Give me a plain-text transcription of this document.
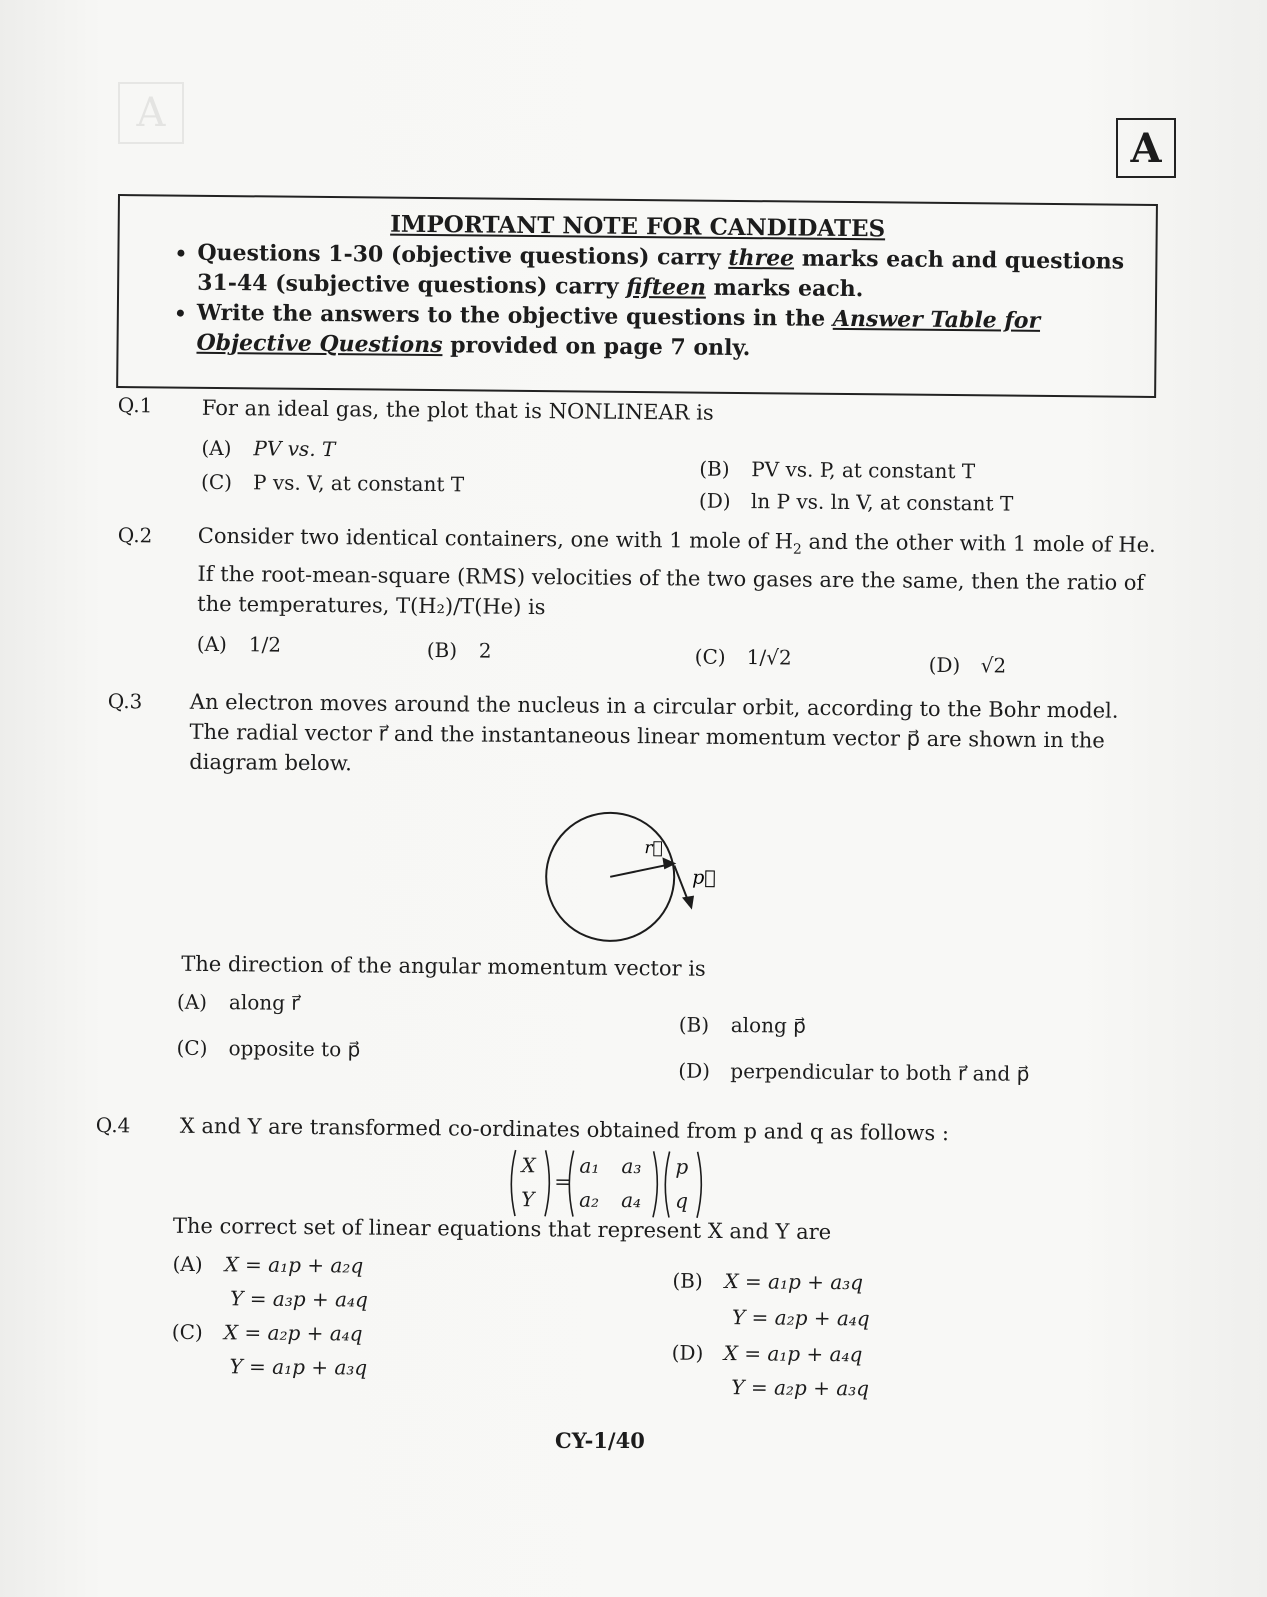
A
A
IMPORTANT NOTE FOR CANDIDATES
• Questions 1-30 (objective questions) carry three marks each and questions 31-44 (subjective questions) carry fifteen marks each.
• Write the answers to the objective questions in the Answer Table for Objective Questions provided on page 7 only.
Q.1 For an ideal gas, the plot that is NONLINEAR is
(A) PV vs. T
(C) P vs. V, at constant T
(B) PV vs. P, at constant T
(D) ln P vs. ln V, at constant T
Q.2 Consider two identical containers, one with 1 mole of $H_2$ and the other with 1 mole of He. If the root-mean-square (RMS) velocities of the two gases are the same, then the ratio of the temperatures, T(H₂)/T(He) is
(A) 1/2	(B) 2	(C) 1/√2	(D) √2
Q.3 An electron moves around the nucleus in a circular orbit, according to the Bohr model. The radial vector r⃗ and the instantaneous linear momentum vector p⃗ are shown in the diagram below.
r⃗
p⃗
The direction of the angular momentum vector is
(A) along r⃗
(C) opposite to p⃗
(B) along p⃗
(D) perpendicular to both r⃗ and p⃗
Q.4 X and Y are transformed co-ordinates obtained from p and q as follows :
X
Y
=
a₁ a₃
a₂ a₄
p
q
The correct set of linear equations that represent X and Y are
(A) X = a₁p + a₂q
Y = a₃p + a₄q
(C) X = a₂p + a₄q
Y = a₁p + a₃q
(B) X = a₁p + a₃q
Y = a₂p + a₄q
(D) X = a₁p + a₄q
Y = a₂p + a₃q
CY-1/40
